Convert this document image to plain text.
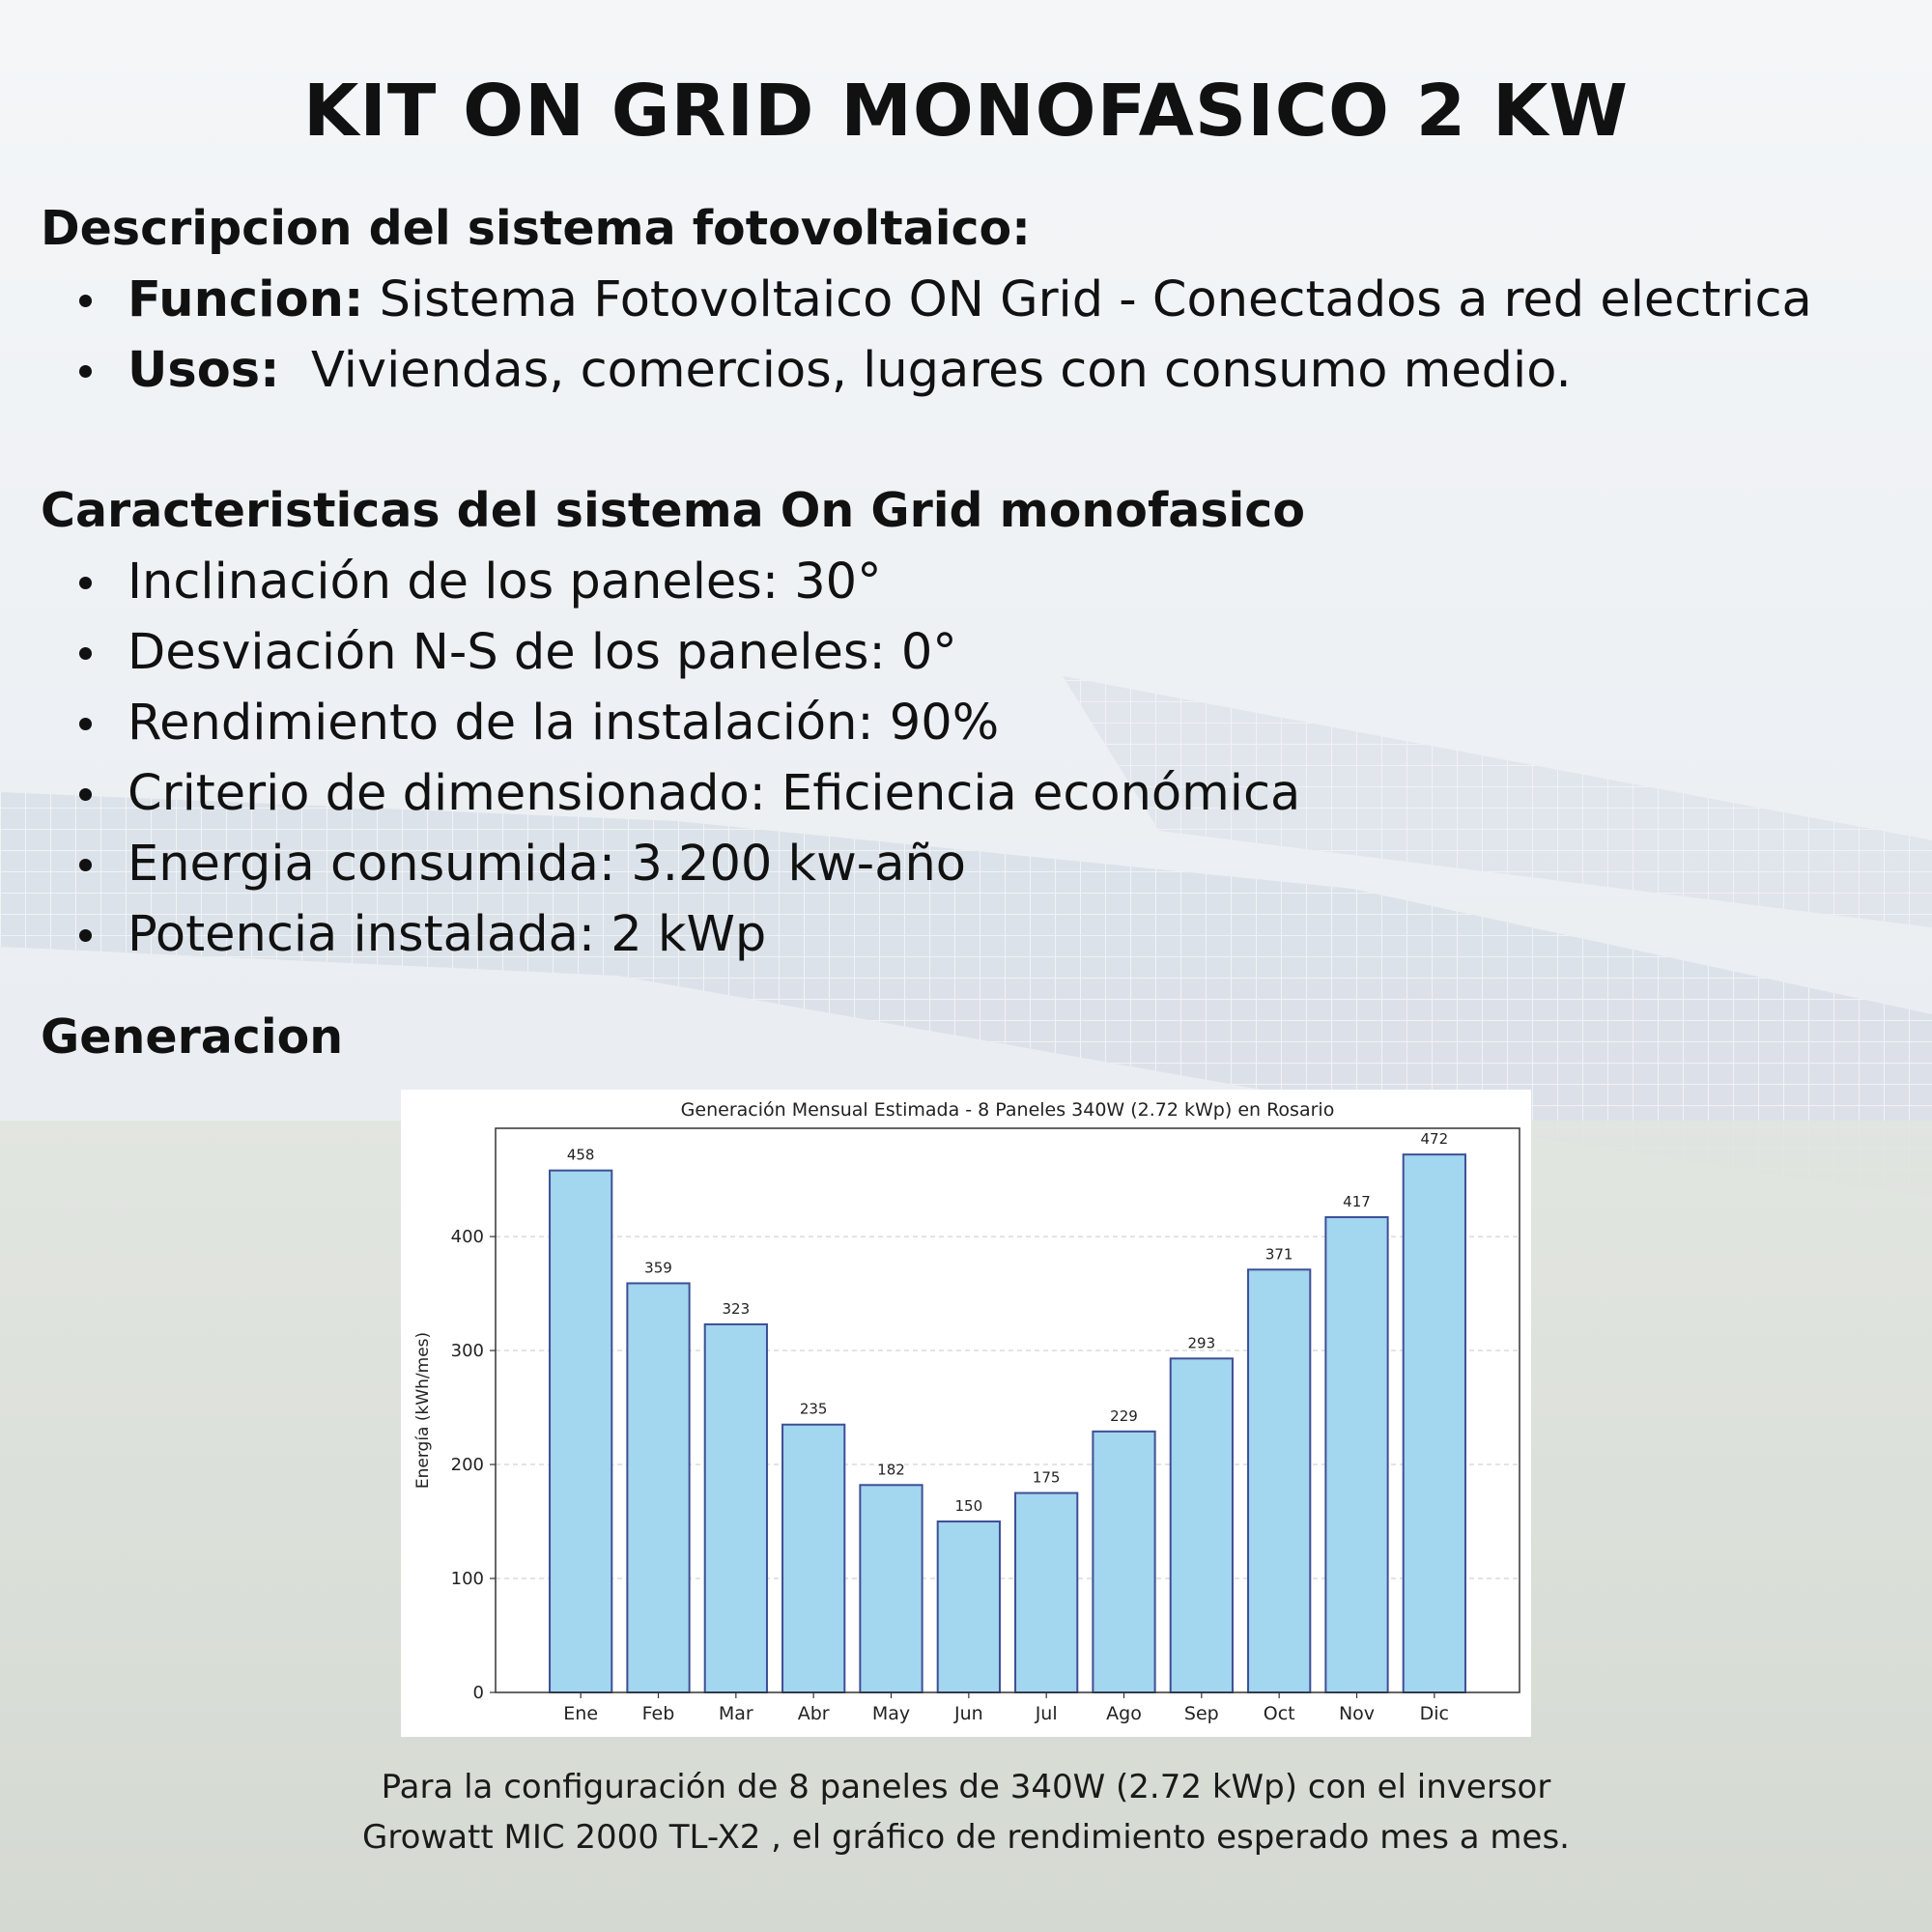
KIT ON GRID MONOFASICO 2 KW
Descripcion del sistema fotovoltaico:
Funcion: Sistema Fotovoltaico ON Grid - Conectados a red electrica
Usos:  Viviendas, comercios, lugares con consumo medio.
Caracteristicas del sistema On Grid monofasico
Inclinación de los paneles: 30°
Desviación N-S de los paneles: 0°
Rendimiento de la instalación: 90%
Criterio de dimensionado: Eficiencia económica
Energia consumida: 3.200 kw-año
Potencia instalada: 2 kWp
Generacion
Generación Mensual Estimada - 8 Paneles 340W (2.72 kWp) en Rosario
0
100
200
300
400
Energía (kWh/mes)
458
Ene
359
Feb
323
Mar
235
Abr
182
May
150
Jun
175
Jul
229
Ago
293
Sep
371
Oct
417
Nov
472
Dic
Para la configuración de 8 paneles de 340W (2.72 kWp) con el inversor
Growatt MIC 2000 TL-X2 , el gráfico de rendimiento esperado mes a mes.
